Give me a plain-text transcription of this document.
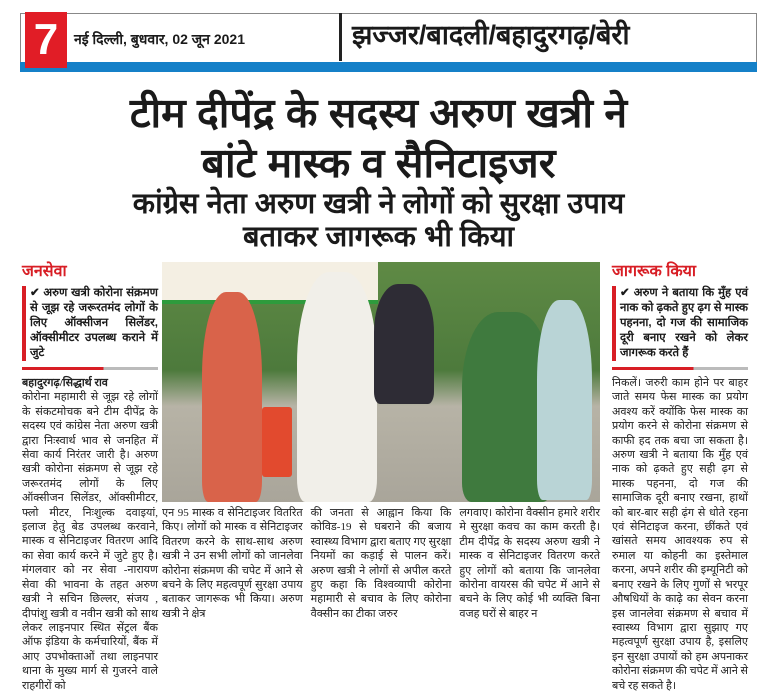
7	नई दिल्ली, बुधवार, 02 जून 2021	झज्जर/बादली/बहादुरगढ़/बेरी
टीम दीपेंद्र के सदस्य अरुण खत्री ने
बांटे मास्क व सैनिटाइजर
कांग्रेस नेता अरुण खत्री ने लोगों को सुरक्षा उपाय
बताकर जागरूक भी किया
जनसेवा
✔ अरुण खत्री कोरोना संक्रमण से जूझ रहे जरूरतमंद लोगों के लिए ऑक्सीजन सिलेंडर, ऑक्सीमीटर उपलब्ध कराने में जुटे
बहादुरगढ़/सिद्धार्थ राव
कोरोना महामारी से जूझ रहे लोगों के संकटमोचक बने टीम दीपेंद्र के सदस्य एवं कांग्रेस नेता अरुण खत्री द्वारा निःस्वार्थ भाव से जनहित में सेवा कार्य निरंतर जारी है। अरुण खत्री कोरोना संक्रमण से जूझ रहे जरूरतमंद लोगों के लिए ऑक्सीजन सिलेंडर, ऑक्सीमीटर, फ्लो मीटर, निःशुल्क दवाइयां, इलाज हेतु बेड उपलब्ध करवाने, मास्क व सेनिटाइजर वितरण आदि का सेवा कार्य करने में जुटे हुए है। मंगलवार को नर सेवा -नारायण सेवा की भावना के तहत अरुण खत्री ने सचिन छिल्लर, संजय , दीपांशु खत्री व नवीन खत्री को साथ लेकर लाइनपार स्थित सेंट्रल बैंक ऑफ इंडिया के कर्मचारियों, बैंक में आए उपभोक्ताओं तथा लाइनपार थाना के मुख्य मार्ग से गुजरने वाले राहगीरों को
एन 95 मास्क व सेनिटाइजर वितरित किए। लोगों को मास्क व सेनिटाइजर वितरण करने के साथ-साथ अरुण खत्री ने उन सभी लोगों को जानलेवा कोरोना संक्रमण की चपेट में आने से बचने के लिए महत्वपूर्ण सुरक्षा उपाय बताकर जागरूक भी किया। अरुण खत्री ने क्षेत्र
की जनता से आह्वान किया कि कोविड-19 से घबराने की बजाय स्वास्थ्य विभाग द्वारा बताए गए सुरक्षा नियमों का कड़ाई से पालन करें। अरुण खत्री ने लोगों से अपील करते हुए कहा कि विश्वव्यापी कोरोना महामारी से बचाव के लिए कोरोना वैक्सीन का टीका जरुर
लगवाए। कोरोना वैक्सीन हमारे शरीर मे सुरक्षा कवच का काम करती है। टीम दीपेंद्र के सदस्य अरुण खत्री ने मास्क व सेनिटाइजर वितरण करते हुए लोगों को बताया कि जानलेवा कोरोना वायरस की चपेट में आने से बचने के लिए कोई भी व्यक्ति बिना वजह घरों से बाहर न
जागरूक किया
✔ अरुण ने बताया कि मुँह एवं नाक को ढ़कते हुए ढ़ग से मास्क पहनना, दो गज की सामाजिक दूरी बनाए रखने को लेकर जागरूक करते हैं
निकलें। जरुरी काम होने पर बाहर जाते समय फेस मास्क का प्रयोग अवश्य करें क्योंकि फेस मास्क का प्रयोग करने से कोरोना संक्रमण से काफी हद तक बचा जा सकता है। अरुण खत्री ने बताया कि मुँह एवं नाक को ढ़कते हुए सही ढ़ग से मास्क पहनना, दो गज की सामाजिक दूरी बनाए रखना, हाथों को बार-बार सही ढ़ंग से धोते रहना एवं सेनिटाइज करना, छींकते एवं खांसते समय आवश्यक रुप से रुमाल या कोहनी का इस्तेमाल करना, अपने शरीर की इम्यूनिटी को बनाए रखने के लिए गुणों से भरपूर औषधियों के काढ़े का सेवन करना इस जानलेवा संक्रमण से बचाव में स्वास्थ्य विभाग द्वारा सुझाए गए महत्वपूर्ण सुरक्षा उपाय है, इसलिए इन सुरक्षा उपायों को हम अपनाकर कोरोना संक्रमण की चपेट में आने से बचे रह सकते है।
